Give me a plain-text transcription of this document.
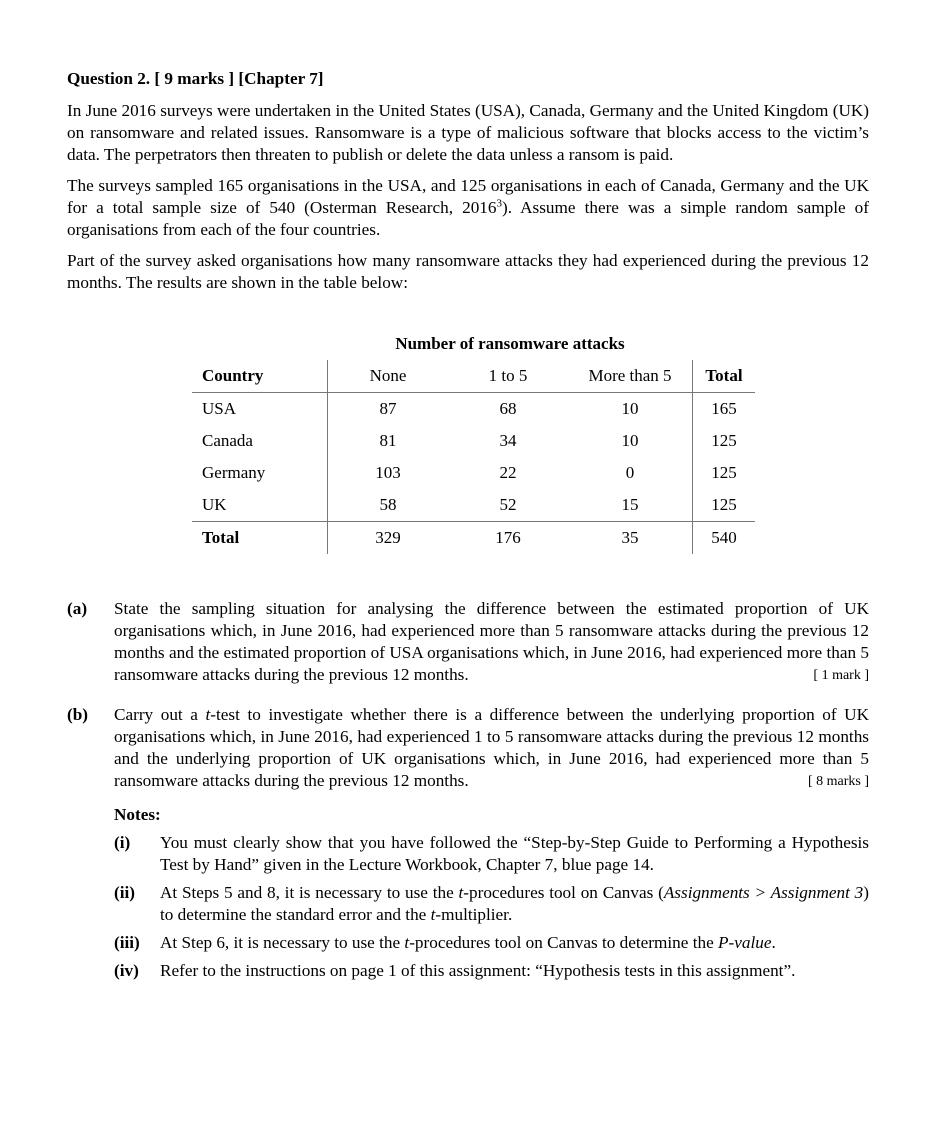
Question 2. [ 9 marks ] [Chapter 7]

In June 2016 surveys were undertaken in the United States (USA), Canada, Germany and the United Kingdom (UK) on ransomware and related issues. Ransomware is a type of malicious software that blocks access to the victim’s data. The perpetrators then threaten to publish or delete the data unless a ransom is paid.

The surveys sampled 165 organisations in the USA, and 125 organisations in each of Canada, Germany and the UK for a total sample size of 540 (Osterman Research, 2016$^3$). Assume there was a simple random sample of organisations from each of the four countries.

Part of the survey asked organisations how many ransomware attacks they had experienced during the previous 12 months. The results are shown in the table below:

	Number of ransomware attacks			
Country	None	1 to 5	More than 5	Total
USA	87	68	10	165
Canada	81	34	10	125
Germany	103	22	0	125
UK	58	52	15	125
Total	329	176	35	540
(a) State the sampling situation for analysing the difference between the estimated proportion of UK organisations which, in June 2016, had experienced more than 5 ransomware attacks during the previous 12 months and the estimated proportion of USA organisations which, in June 2016, had experienced more than 5 ransomware attacks during the previous 12 months.	[ 1 mark ]
(b) Carry out a t-test to investigate whether there is a difference between the underlying proportion of UK organisations which, in June 2016, had experienced 1 to 5 ransomware attacks during the previous 12 months and the underlying proportion of UK organisations which, in June 2016, had experienced more than 5 ransomware attacks during the previous 12 months.	[ 8 marks ]
Notes:
(i) You must clearly show that you have followed the “Step-by-Step Guide to Performing a Hypothesis Test by Hand” given in the Lecture Workbook, Chapter 7, blue page 14.
(ii) At Steps 5 and 8, it is necessary to use the t-procedures tool on Canvas (Assignments > Assignment 3) to determine the standard error and the t-multiplier.
(iii) At Step 6, it is necessary to use the t-procedures tool on Canvas to determine the P-value.
(iv) Refer to the instructions on page 1 of this assignment: “Hypothesis tests in this assignment”.
